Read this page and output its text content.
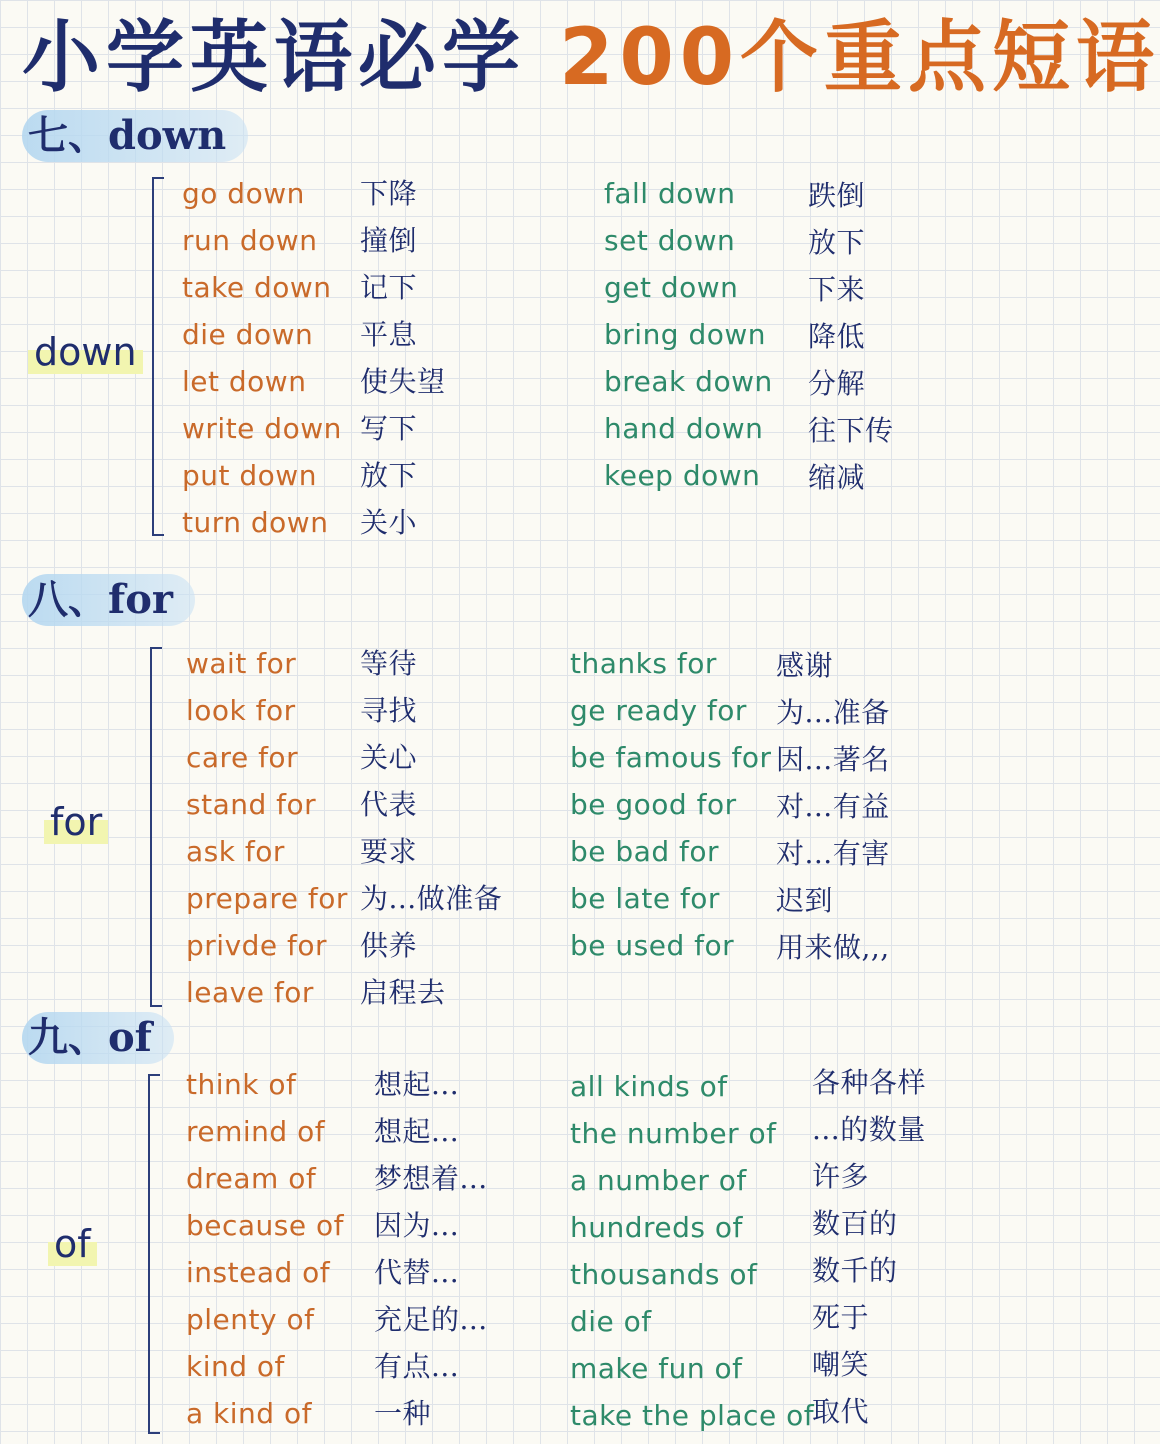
小学英语必学 200个重点短语
七、down
down
go down
run down
take down
die down
let down
write down
put down
turn down
下降
撞倒
记下
平息
使失望
写下
放下
关小
fall down
set down
get down
bring down
break down
hand down
keep down
跌倒
放下
下来
降低
分解
往下传
缩减
八、for
for
wait for
look for
care for
stand for
ask for
prepare for
privde for
leave for
等待
寻找
关心
代表
要求
为...做准备
供养
启程去
thanks for
ge ready for
be famous for
be good for
be bad for
be late for
be used for
感谢
为...准备
因...著名
对...有益
对...有害
迟到
用来做,,,
九、of
of
think of
remind of
dream of
because of
instead of
plenty of
kind of
a kind of
想起...
想起...
梦想着...
因为...
代替...
充足的...
有点...
一种
all kinds of
the number of
a number of
hundreds of
thousands of
die of
make fun of
take the place of
各种各样
...的数量
许多
数百的
数千的
死于
嘲笑
取代
